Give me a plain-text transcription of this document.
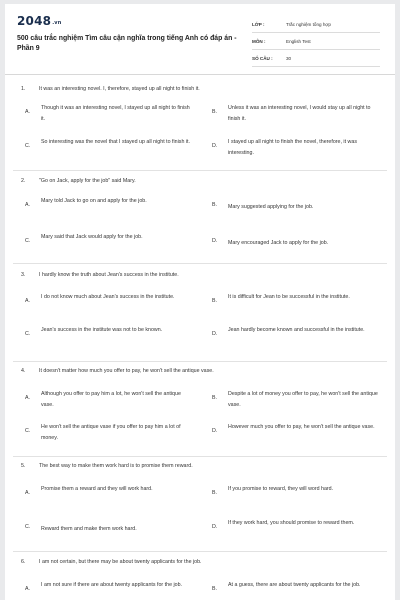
2048.vn
500 câu trắc nghiệm Tìm câu cận nghĩa trong tiếng Anh có đáp án - Phần 9
LỚP :	Trắc nghiệm tổng hợp
MÔN :	English Test
SỐ CÂU :	30
1.	It was an interesting novel. I, therefore, stayed up all night to finish it.
A.
Though it was an interesting novel, I stayed up all night to finish it.
B.
Unless it was an interesting novel, I would stay up all night to finish it.
C.
So interesting was the novel that I stayed up all night to finish it.
D.
I stayed up all night to finish the novel, therefore, it was interesting.
2.	"Go on Jack, apply for the job" said Mary.
A.
Mary told Jack to go on and apply for the job.
B.	Mary suggested applying for the job.
C.
Mary said that Jack would apply for the job.
D.	Mary encouraged Jack to apply for the job.
3.	I hardly know the truth about Jean's success in the institute.
A.
I do not know much about Jean's success in the institute.
B.
It is difficult for Jean to be successful in the institute.
C.
Jean's success in the institute was not to be known.
D.
Jean hardly become known and successful in the institute.
4.	It doesn't matter how much you offer to pay, he won't sell the antique vase.
A.
Although you offer to pay him a lot, he won't sell the antique vase.
B.
Despite a lot of money you offer to pay, he won't sell the antique vase.
C.
He won't sell the antique vase if you offer to pay him a lot of money.
D.
However much you offer to pay, he won't sell the antique vase.
5.	The best way to make them work hard is to promise them reward.
A.
Promise them a reward and they will work hard.
B.
If you promise to reward, they will word hard.
C.	Reward them and make them work hard.	D.
If they work hard, you should promise to reward them.
6.	I am not certain, but there may be about twenty applicants for the job.
A.
I am not sure if there are about twenty applicants for the job.
B.
At a guess, there are about twenty applicants for the job.
